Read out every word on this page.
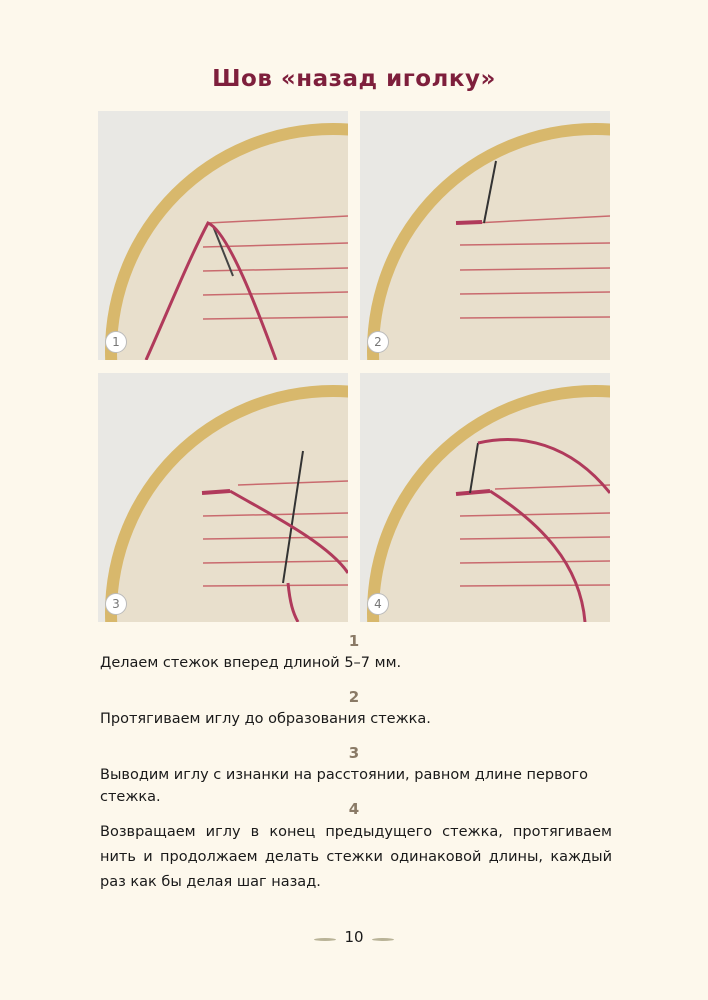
Шов «назад иголку»
1	2
3	4
1
Делаем стежок вперед длиной 5–7 мм.
2
Протягиваем иглу до образования стежка.
3
Выводим иглу с изнанки на расстоянии, равном длине первого стежка.
4
Возвращаем иглу в конец предыдущего стежка, протягиваем нить и продолжаем делать стежки одинаковой длины, каждый раз как бы делая шаг назад.
10
